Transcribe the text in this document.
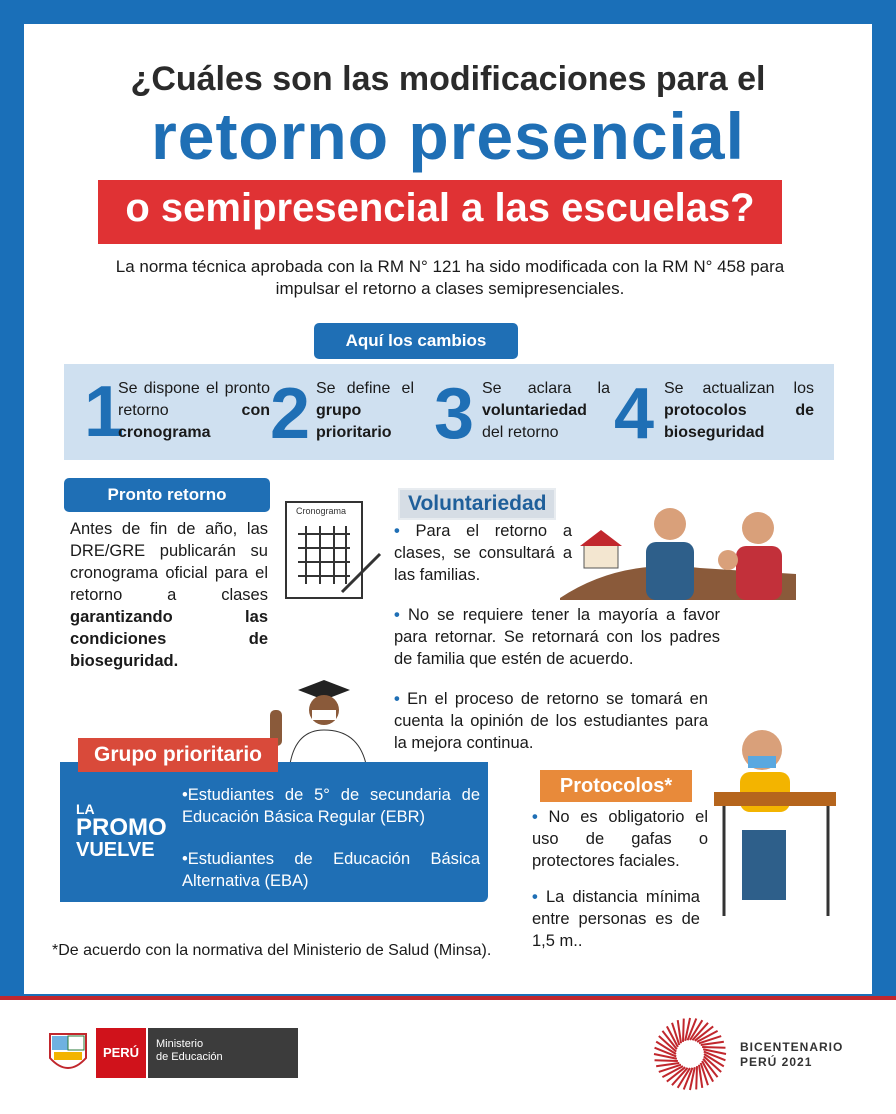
¿Cuáles son las modificaciones para el
retorno presencial
o semipresencial a las escuelas?
La norma técnica aprobada con la RM N° 121 ha sido modificada con la RM N° 458 para impulsar el retorno a clases semipresenciales.
Aquí los cambios
1
Se dispone el pronto retorno con cronograma 2 Se define el grupo prioritario 3 Se aclara la voluntariedad del retorno 4 Se actualizan los protocolos de bioseguridad
Pronto retorno
Antes de fin de año, las DRE/GRE publicarán su cronograma oficial para el retorno a clases garantizando las condiciones de bioseguridad.
Cronograma	Voluntariedad
• Para el retorno a clases, se consultará a las familias.
• No se requiere tener la mayoría a favor para retornar. Se retornará con los padres de familia que estén de acuerdo.
• En el proceso de retorno se tomará en cuenta la opinión de los estudiantes para la mejora continua.
Grupo prioritario
LA
PROMO
VUELVE
•Estudiantes de 5° de secundaria de Educación Básica Regular (EBR)
•Estudiantes de Educación Básica Alternativa (EBA)
Protocolos*
• No es obligatorio el uso de gafas o protectores faciales.
• La distancia mínima entre personas es de 1,5 m..
*De acuerdo con la normativa del Ministerio de Salud (Minsa).
PERÚ
Ministerio
de Educación
BICENTENARIO
PERÚ 2021
